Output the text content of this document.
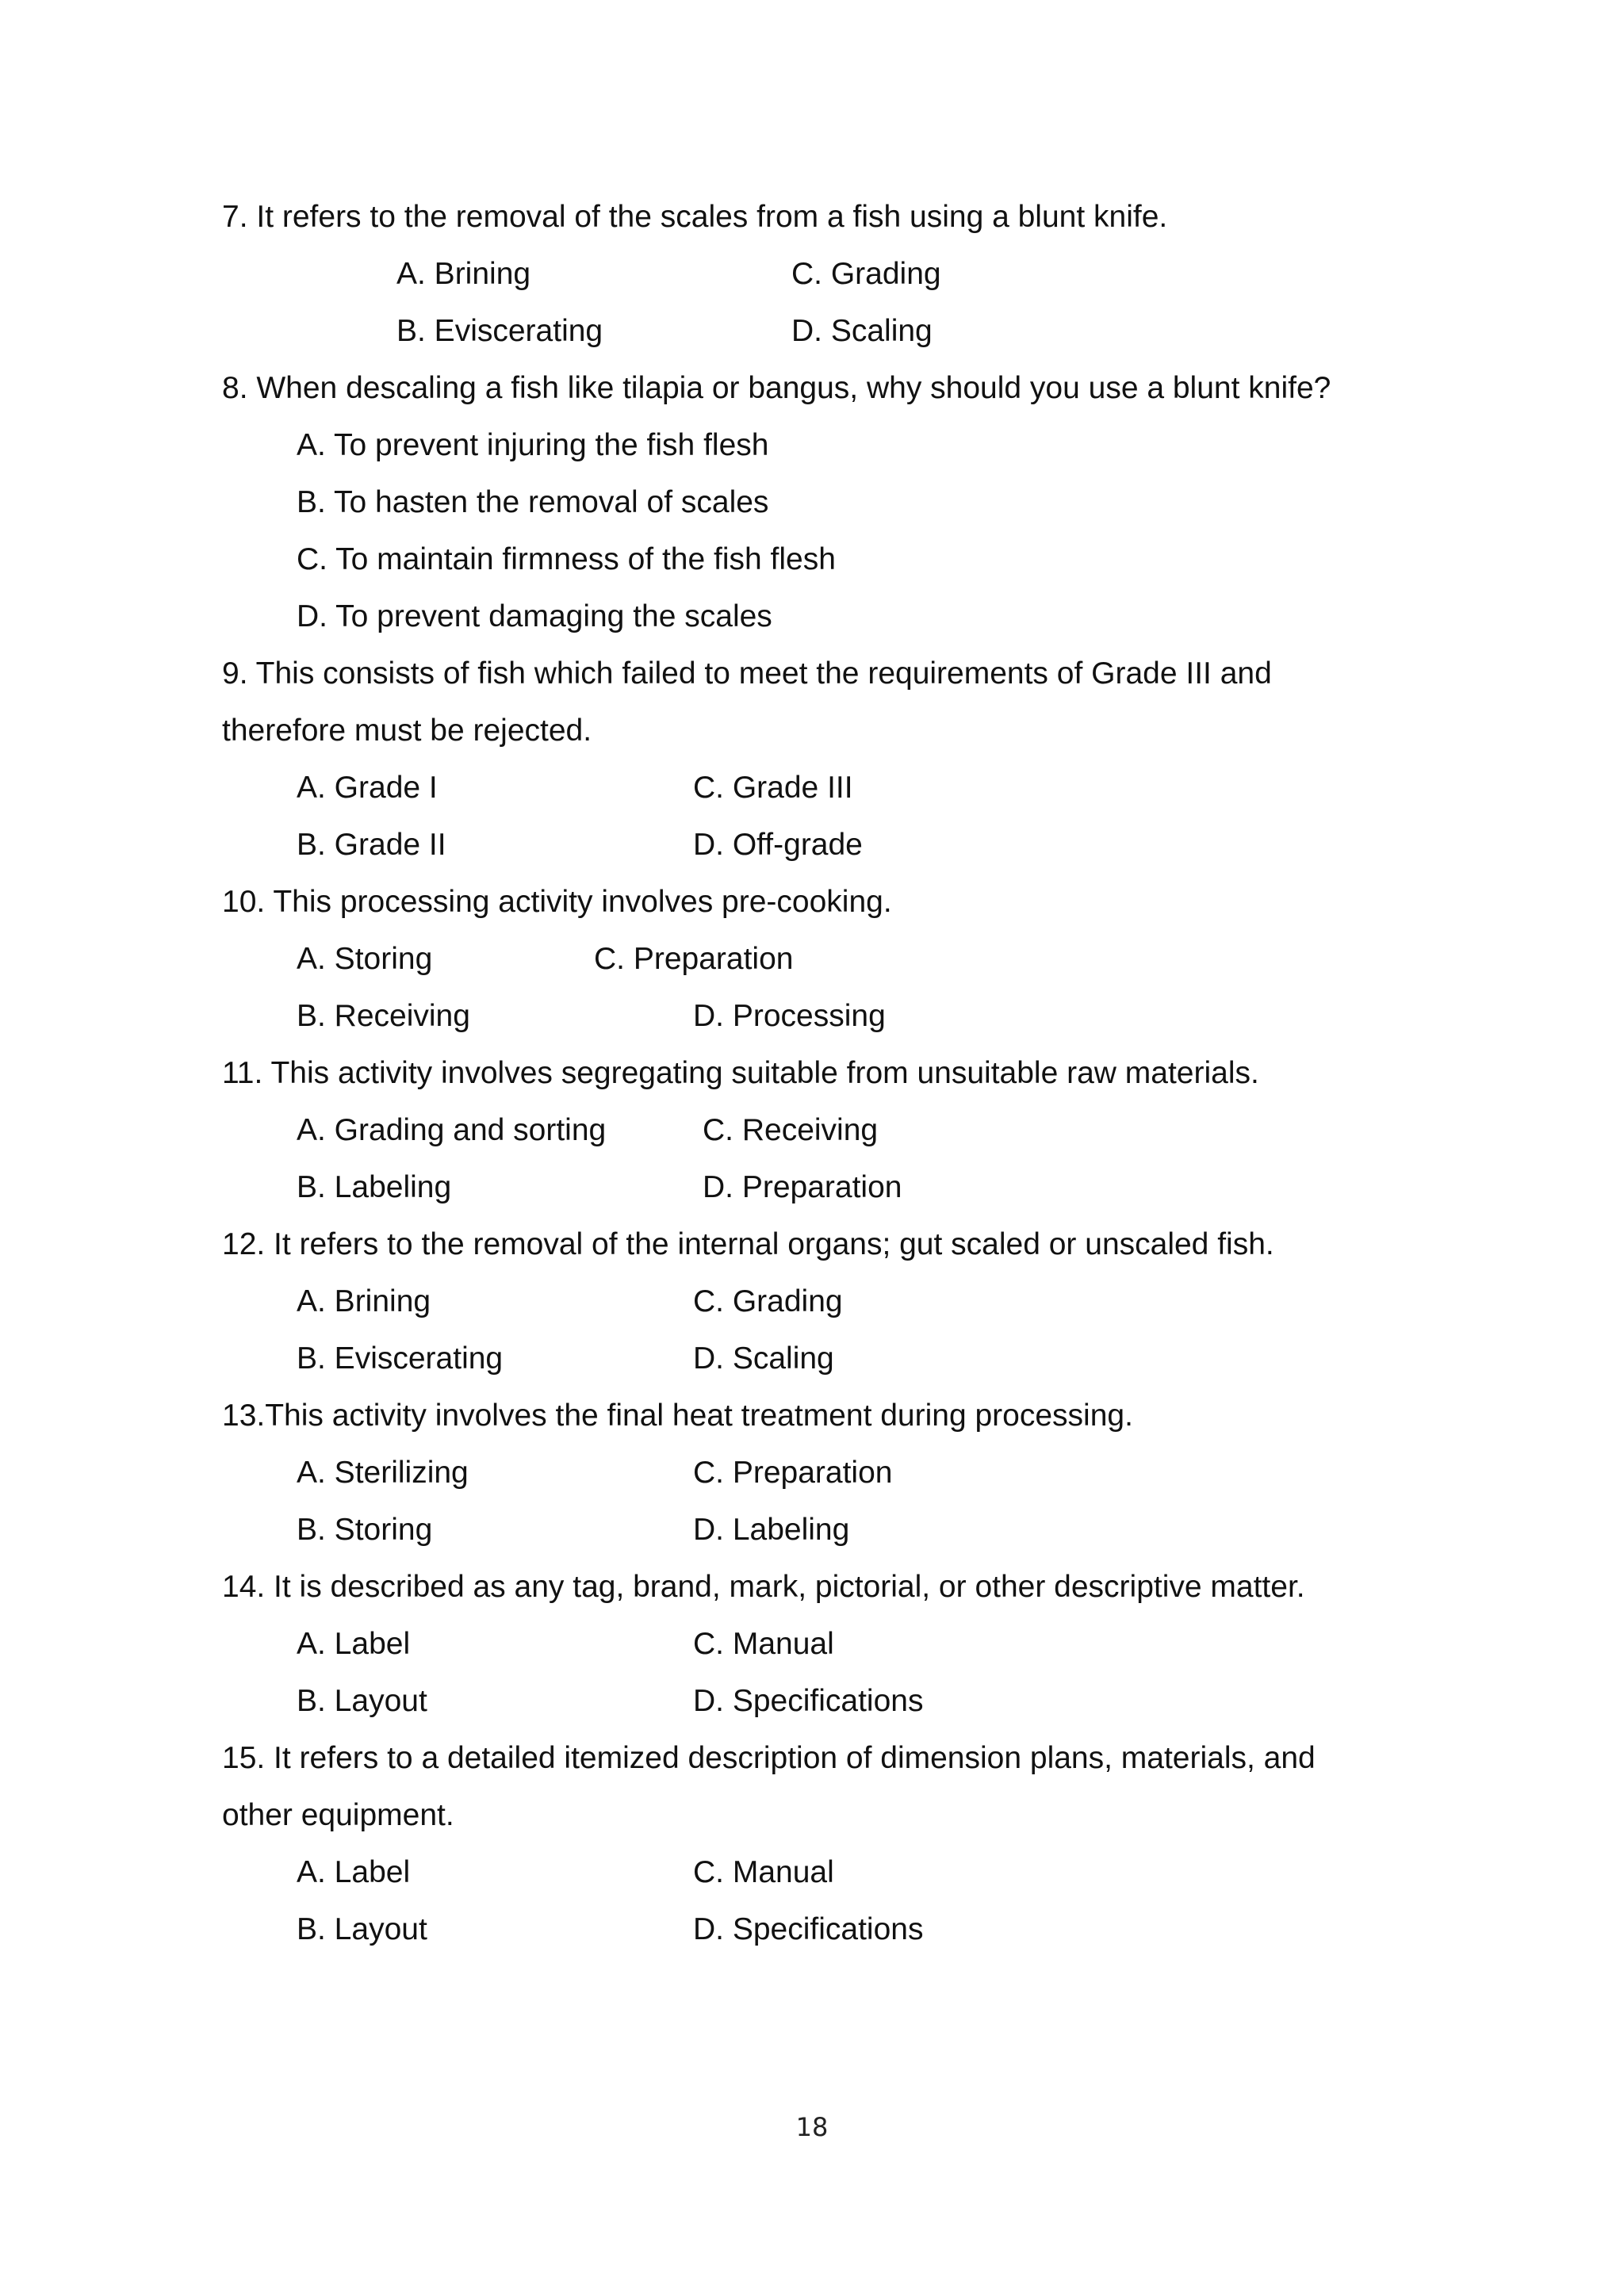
7. It refers to the removal of the scales from a fish using a blunt knife.
A. Brining	C. Grading
B. Eviscerating	D. Scaling
8. When descaling a fish like tilapia or bangus, why should you use a blunt knife?
A. To prevent injuring the fish flesh
B. To hasten the removal of scales
C. To maintain firmness of the fish flesh
D. To prevent damaging the scales
9. This consists of fish which failed to meet the requirements of Grade III and
therefore must be rejected.
A. Grade I	C. Grade III
B. Grade II	D. Off-grade
10. This processing activity involves pre-cooking.
A. Storing	C. Preparation
B. Receiving	D. Processing
11. This activity involves segregating suitable from unsuitable raw materials.
A. Grading and sorting	C. Receiving
B. Labeling	D. Preparation
12. It refers to the removal of the internal organs; gut scaled or unscaled fish.
A. Brining	C. Grading
B. Eviscerating	D. Scaling
13.This activity involves the final heat treatment during processing.
A. Sterilizing	C. Preparation
B. Storing	D. Labeling
14. It is described as any tag, brand, mark, pictorial, or other descriptive matter.
A. Label	C. Manual
B. Layout	D. Specifications
15. It refers to a detailed itemized description of dimension plans, materials, and
other equipment.
A. Label	C. Manual
B. Layout	D. Specifications
18
